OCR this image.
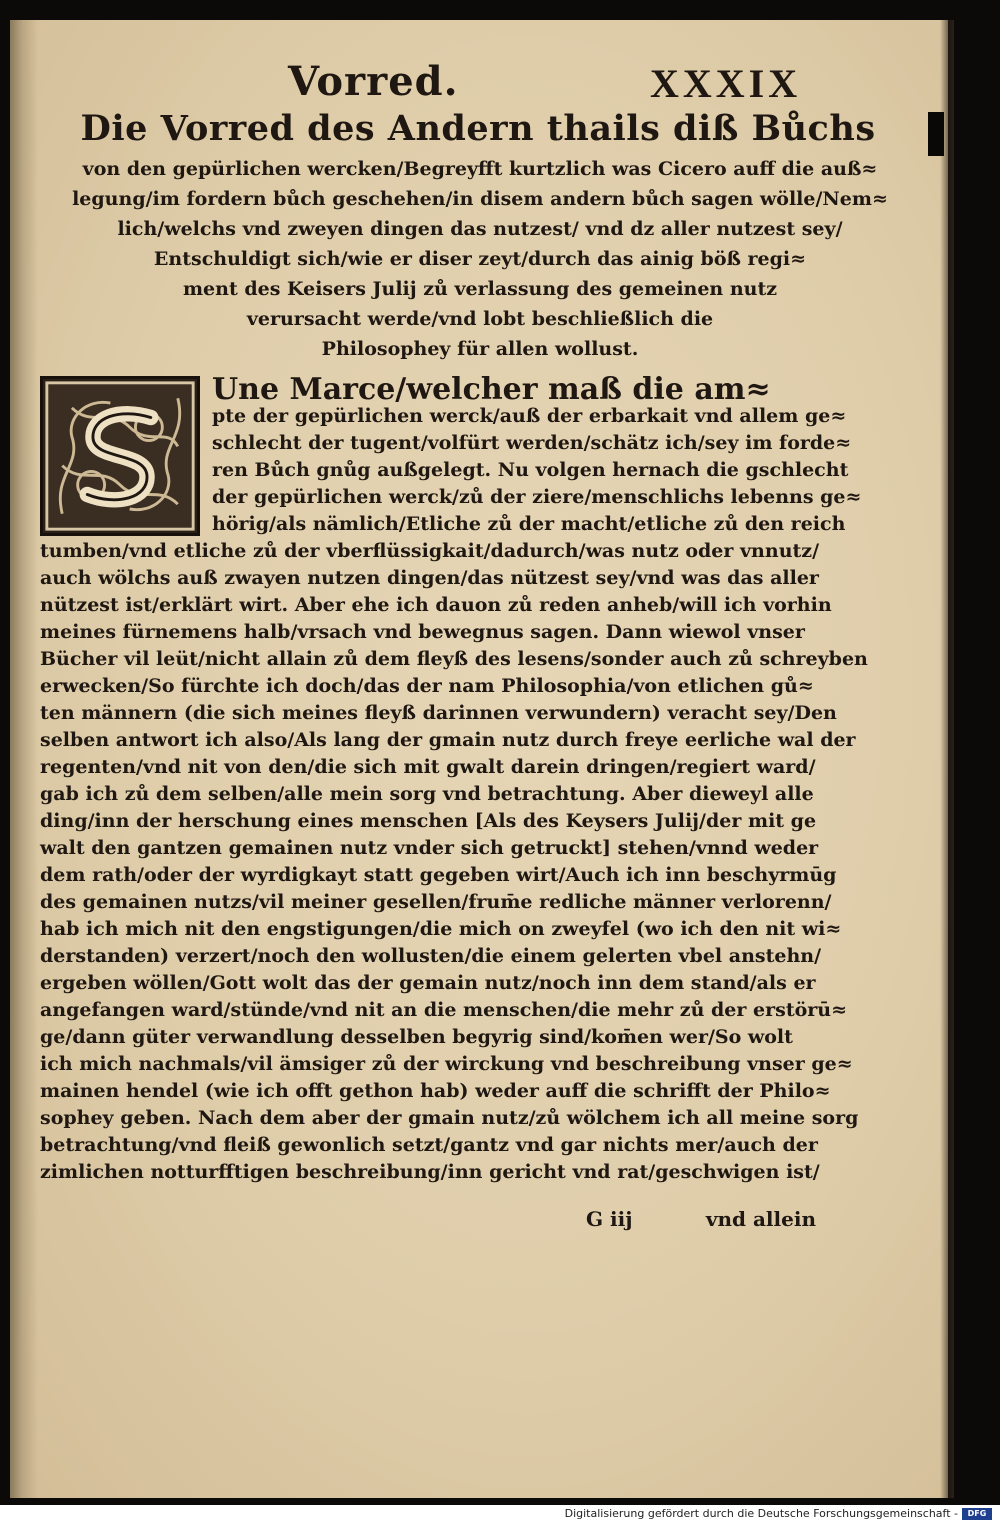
Vorred.	XXXIX
Die Vorred des Andern thails diß Bůchs
von den gepürlichen wercken/Begreyfft kurtzlich was Cicero auff die auß≈
legung/im fordern bůch geschehen/in disem andern bůch sagen wölle/Nem≈
lich/welchs vnd zweyen dingen das nutzest/ vnd dz aller nutzest sey/
Entschuldigt sich/wie er diser zeyt/durch das ainig böß regi≈
ment des Keisers Julij zů verlassung des gemeinen nutz
verursacht werde/vnd lobt beschließlich die
Philosophey für allen wollust.
Une Marce/welcher maß die am≈
pte der gepürlichen werck/auß der erbarkait vnd allem ge≈
schlecht der tugent/volfürt werden/schätz ich/sey im forde≈
ren Bůch gnůg außgelegt. Nu volgen hernach die gschlecht
der gepürlichen werck/zů der ziere/menschlichs lebenns ge≈
hörig/als nämlich/Etliche zů der macht/etliche zů den reich
tumben/vnd etliche zů der vberflüssigkait/dadurch/was nutz oder vnnutz/
auch wölchs auß zwayen nutzen dingen/das nützest sey/vnd was das aller
nützest ist/erklärt wirt. Aber ehe ich dauon zů reden anheb/will ich vorhin
meines fürnemens halb/vrsach vnd bewegnus sagen. Dann wiewol vnser
Bücher vil leüt/nicht allain zů dem fleyß des lesens/sonder auch zů schreyben
erwecken/So fürchte ich doch/das der nam Philosophia/von etlichen gů≈
ten männern (die sich meines fleyß darinnen verwundern) veracht sey/Den
selben antwort ich also/Als lang der gmain nutz durch freye eerliche wal der
regenten/vnd nit von den/die sich mit gwalt darein dringen/regiert ward/
gab ich zů dem selben/alle mein sorg vnd betrachtung. Aber dieweyl alle
ding/inn der herschung eines menschen [Als des Keysers Julij/der mit ge
walt den gantzen gemainen nutz vnder sich getruckt] stehen/vnnd weder
dem rath/oder der wyrdigkayt statt gegeben wirt/Auch ich inn beschyrmūg
des gemainen nutzs/vil meiner gesellen/frum̄e redliche männer verlorenn/
hab ich mich nit den engstigungen/die mich on zweyfel (wo ich den nit wi≈
derstanden) verzert/noch den wollusten/die einem gelerten vbel anstehn/
ergeben wöllen/Gott wolt das der gemain nutz/noch inn dem stand/als er
angefangen ward/stünde/vnd nit an die menschen/die mehr zů der erstörū≈
ge/dann güter verwandlung desselben begyrig sind/kom̄en wer/So wolt
ich mich nachmals/vil ämsiger zů der wirckung vnd beschreibung vnser ge≈
mainen hendel (wie ich offt gethon hab) weder auff die schrifft der Philo≈
sophey geben. Nach dem aber der gmain nutz/zů wölchem ich all meine sorg
betrachtung/vnd fleiß gewonlich setzt/gantz vnd gar nichts mer/auch der
zimlichen notturfftigen beschreibung/inn gericht vnd rat/geschwigen ist/
G iij	vnd allein
Digitalisierung gefördert durch die Deutsche Forschungsgemeinschaft -	DFG
